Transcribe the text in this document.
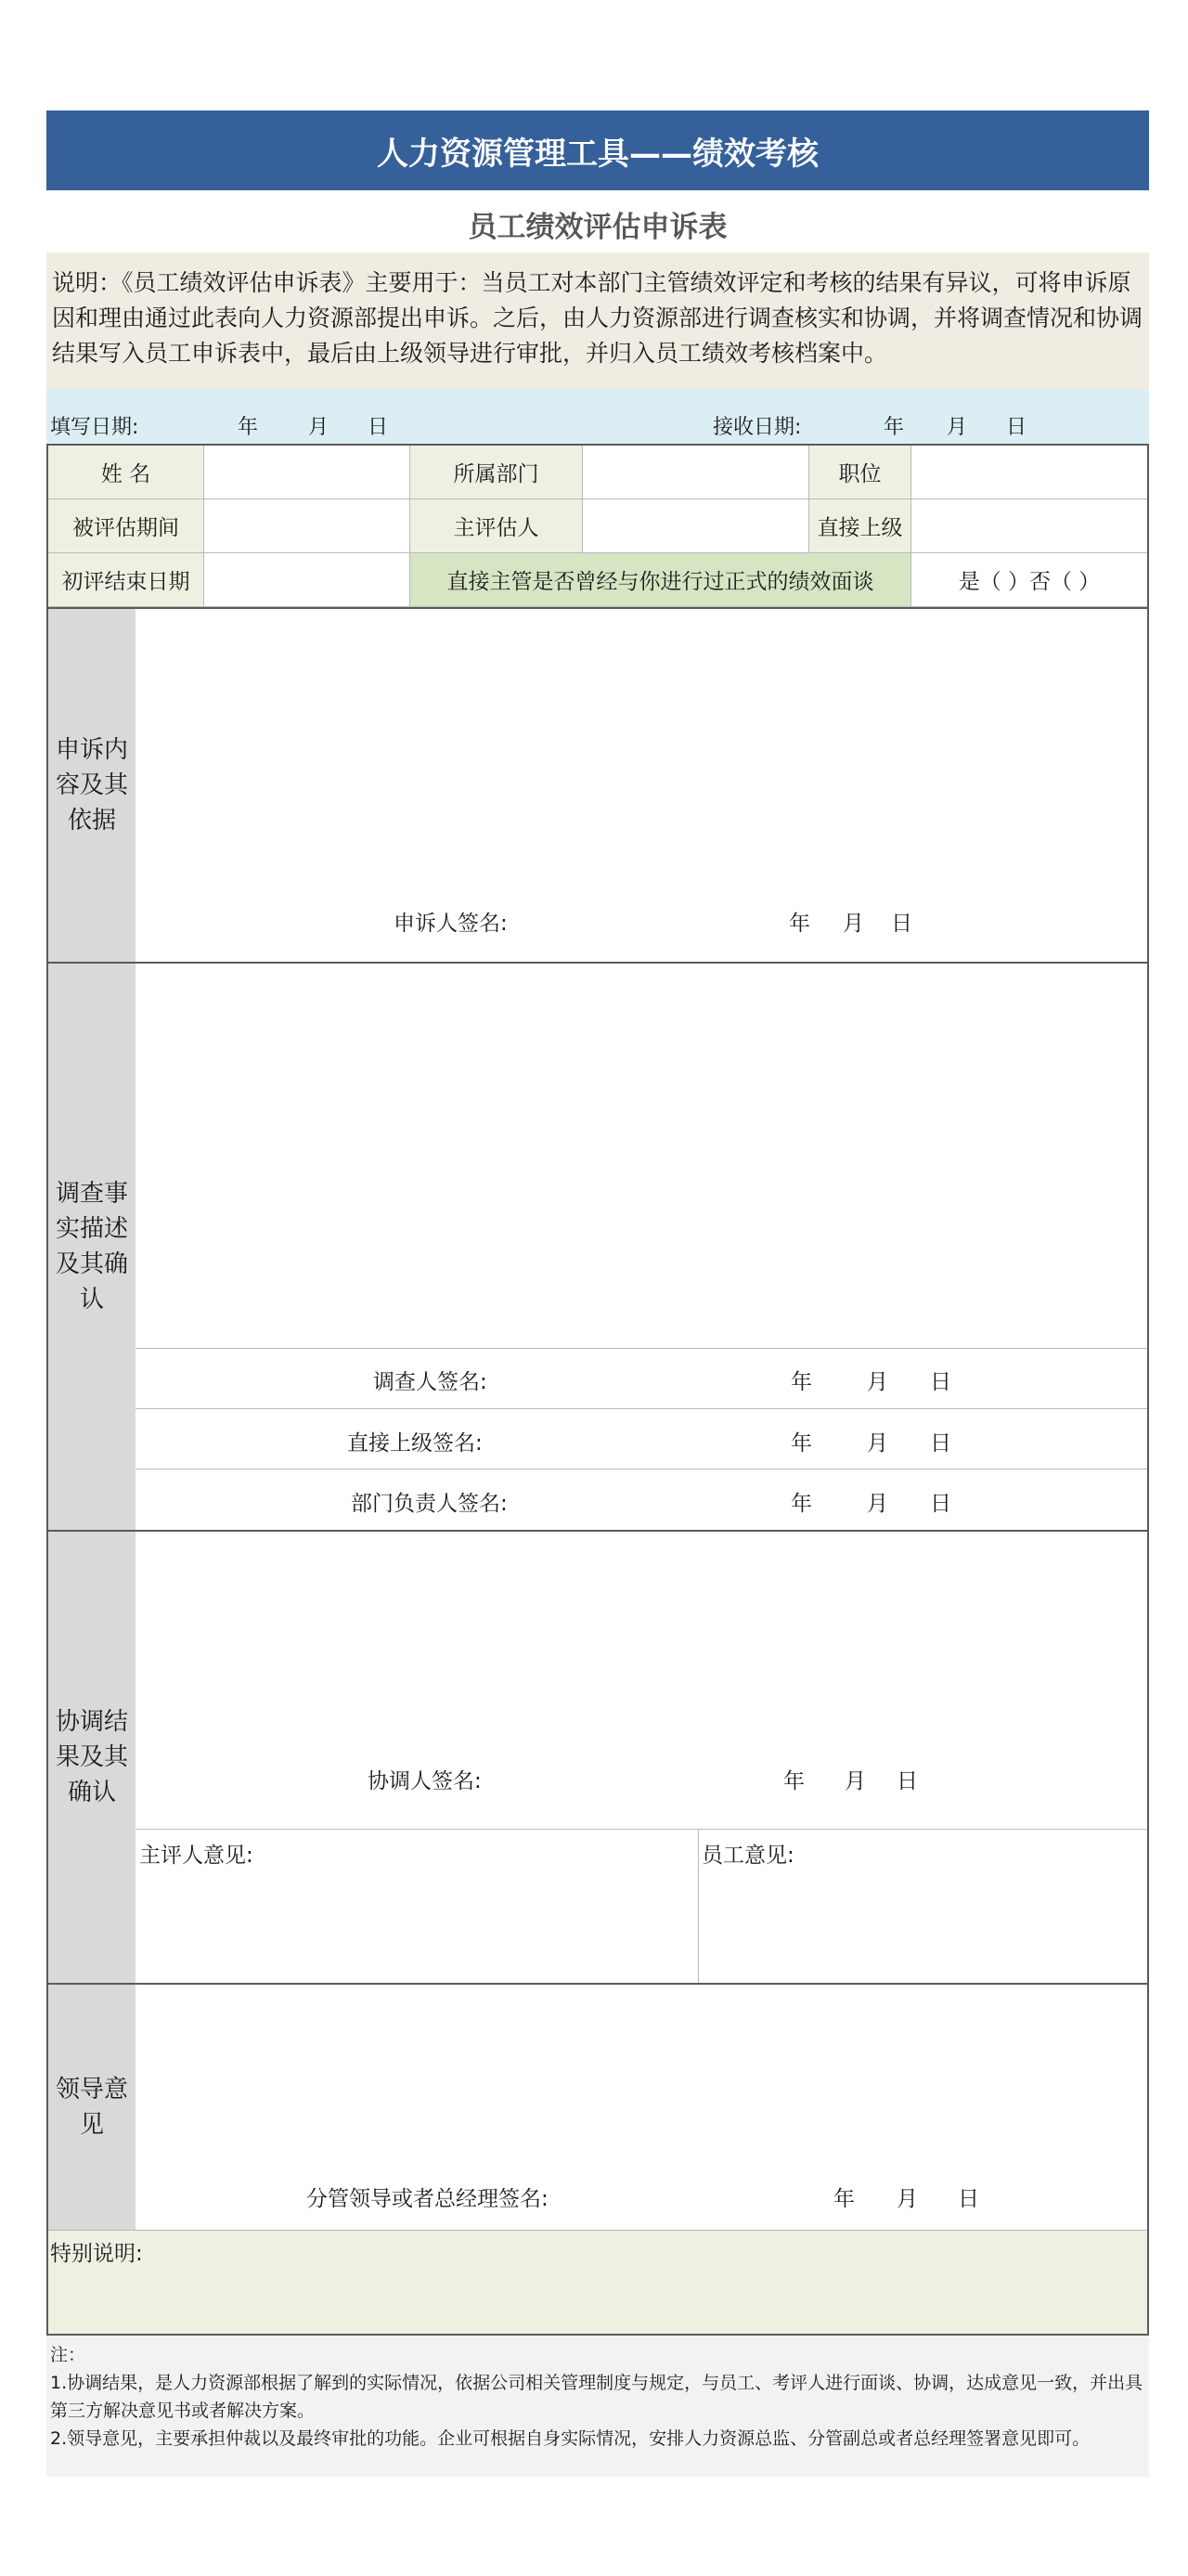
人力资源管理工具——绩效考核
员工绩效评估申诉表
说明：《员工绩效评估申诉表》主要用于：当员工对本部门主管绩效评定和考核的结果有异议，可将申诉原因和理由通过此表向人力资源部提出申诉。之后，由人力资源部进行调查核实和协调，并将调查情况和协调结果写入员工申诉表中，最后由上级领导进行审批，并归入员工绩效考核档案中。
填写日期:	年 月 日	接收日期:	年 月 日
姓 名	所属部门	职位
被评估期间	主评估人	直接上级
初评结束日期	直接主管是否曾经与你进行过正式的绩效面谈	是（ ）否（ ）
申诉内容及其依据
申诉人签名:	年 月 日
调查事实描述及其确认
调查人签名:	年	月 日
直接上级签名:	年	月 日
部门负责人签名:	年	月 日
协调结果及其确认	协调人签名:	年 月 日
主评人意见:	员工意见:
领导意见
分管领导或者总经理签名:	年 月 日
特别说明:
注：
1.协调结果，是人力资源部根据了解到的实际情况，依据公司相关管理制度与规定，与员工、考评人进行面谈、协调，达成意见一致，并出具第三方解决意见书或者解决方案。
2.领导意见，主要承担仲裁以及最终审批的功能。企业可根据自身实际情况，安排人力资源总监、分管副总或者总经理签署意见即可。
